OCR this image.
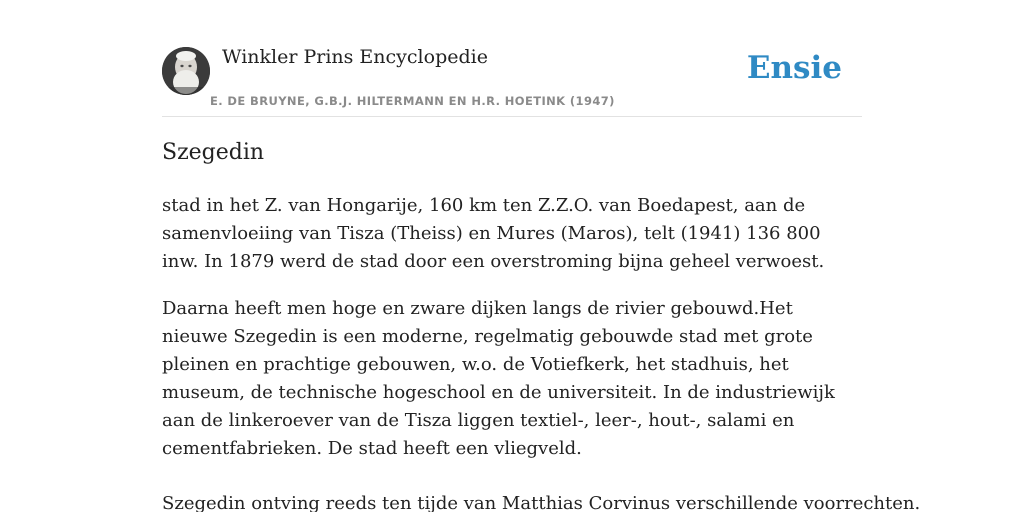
Winkler Prins Encyclopedie
E. DE BRUYNE, G.B.J. HILTERMANN EN H.R. HOETINK (1947)
Ensie
Szegedin

stad in het Z. van Hongarije, 160 km ten Z.Z.O. van Boedapest, aan de samenvloeiing van Tisza (Theiss) en Mures (Maros), telt (1941) 136 800 inw. In 1879 werd de stad door een overstroming bijna geheel verwoest.

Daarna heeft men hoge en zware dijken langs de rivier gebouwd.Het nieuwe Szegedin is een moderne, regelmatig gebouwde stad met grote pleinen en prachtige gebouwen, w.o. de Votiefkerk, het stadhuis, het museum, de technische hogeschool en de universiteit. In de industriewijk aan de linkeroever van de Tisza liggen textiel-, leer-, hout-, salami en cementfabrieken. De stad heeft een vliegveld.

Szegedin ontving reeds ten tijde van Matthias Corvinus verschillende voorrechten.
